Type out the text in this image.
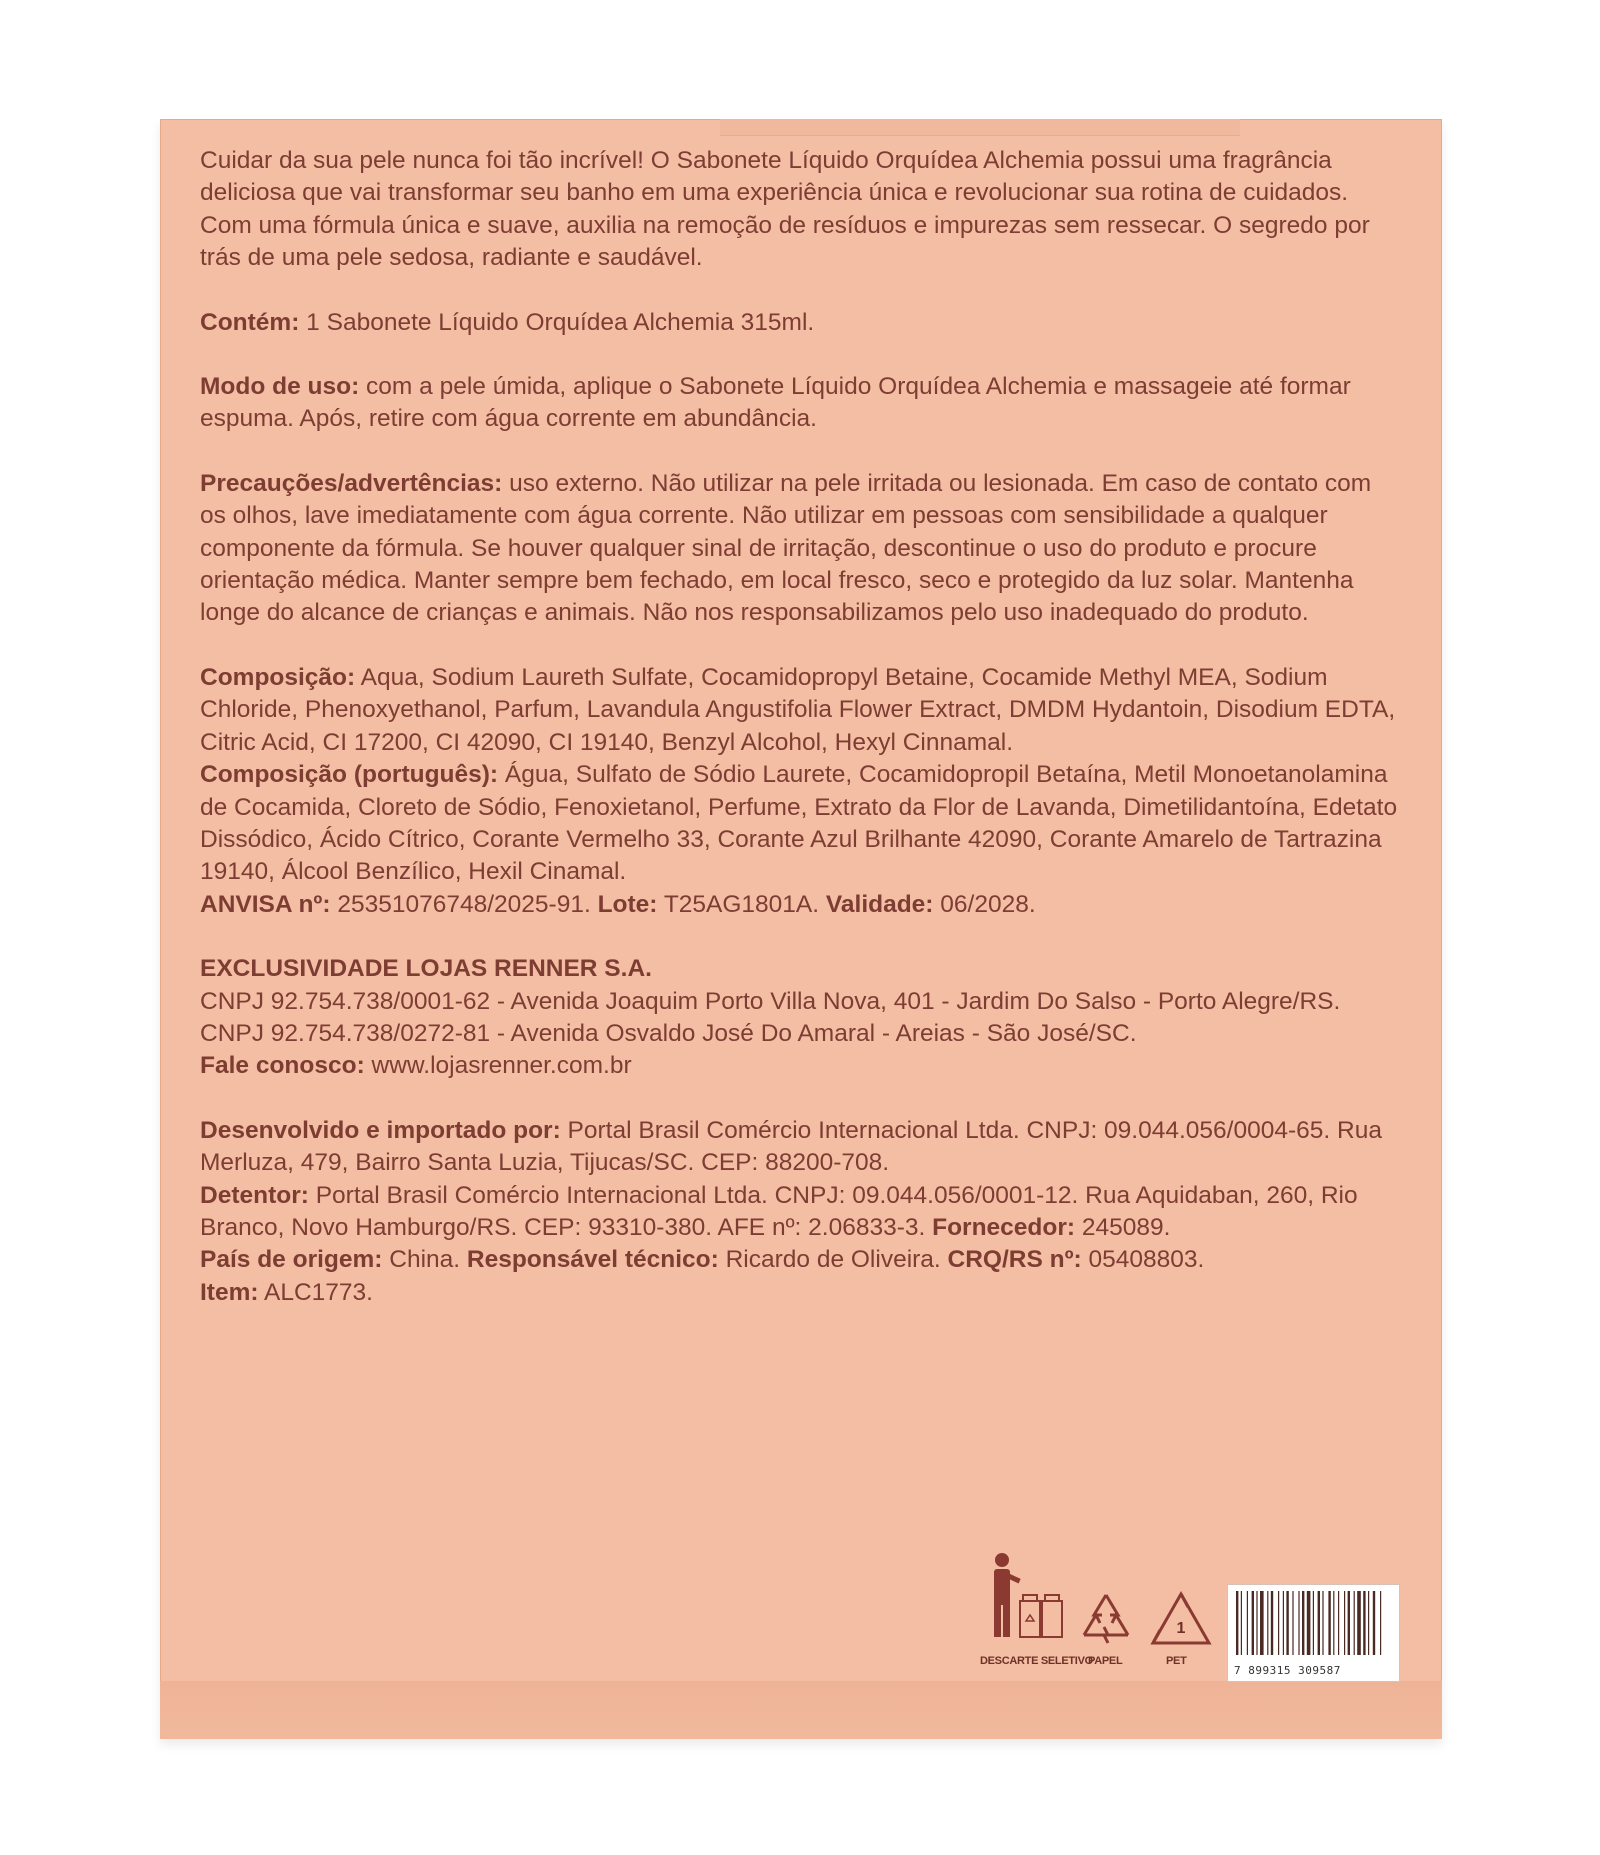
Cuidar da sua pele nunca foi tão incrível! O Sabonete Líquido Orquídea Alchemia possui uma fragrância deliciosa que vai transformar seu banho em uma experiência única e revolucionar sua rotina de cuidados. Com uma fórmula única e suave, auxilia na remoção de resíduos e impurezas sem ressecar. O segredo por trás de uma pele sedosa, radiante e saudável.

Contém: 1 Sabonete Líquido Orquídea Alchemia 315ml.

Modo de uso: com a pele úmida, aplique o Sabonete Líquido Orquídea Alchemia e massageie até formar espuma. Após, retire com água corrente em abundância.

Precauções/advertências: uso externo. Não utilizar na pele irritada ou lesionada. Em caso de contato com os olhos, lave imediatamente com água corrente. Não utilizar em pessoas com sensibilidade a qualquer componente da fórmula. Se houver qualquer sinal de irritação, descontinue o uso do produto e procure orientação médica. Manter sempre bem fechado, em local fresco, seco e protegido da luz solar. Mantenha longe do alcance de crianças e animais. Não nos responsabilizamos pelo uso inadequado do produto.

Composição: Aqua, Sodium Laureth Sulfate, Cocamidopropyl Betaine, Cocamide Methyl MEA, Sodium Chloride, Phenoxyethanol, Parfum, Lavandula Angustifolia Flower Extract, DMDM Hydantoin, Disodium EDTA, Citric Acid, CI 17200, CI 42090, CI 19140, Benzyl Alcohol, Hexyl Cinnamal.

Composição (português): Água, Sulfato de Sódio Laurete, Cocamidopropil Betaína, Metil Monoetanolamina de Cocamida, Cloreto de Sódio, Fenoxietanol, Perfume, Extrato da Flor de Lavanda, Dimetilidantoína, Edetato Dissódico, Ácido Cítrico, Corante Vermelho 33, Corante Azul Brilhante 42090, Corante Amarelo de Tartrazina 19140, Álcool Benzílico, Hexil Cinamal.

ANVISA nº: 25351076748/2025-91. Lote: T25AG1801A. Validade: 06/2028.

EXCLUSIVIDADE LOJAS RENNER S.A.

CNPJ 92.754.738/0001-62 - Avenida Joaquim Porto Villa Nova, 401 - Jardim Do Salso - Porto Alegre/RS. CNPJ 92.754.738/0272-81 - Avenida Osvaldo José Do Amaral - Areias - São José/SC.

Fale conosco: www.lojasrenner.com.br

Desenvolvido e importado por: Portal Brasil Comércio Internacional Ltda. CNPJ: 09.044.056/0004-65. Rua Merluza, 479, Bairro Santa Luzia, Tijucas/SC. CEP: 88200-708.

Detentor: Portal Brasil Comércio Internacional Ltda. CNPJ: 09.044.056/0001-12. Rua Aquidaban, 260, Rio Branco, Novo Hamburgo/RS. CEP: 93310-380. AFE nº: 2.06833-3. Fornecedor: 245089.

País de origem: China. Responsável técnico: Ricardo de Oliveira. CRQ/RS nº: 05408803.

Item: ALC1773.

1
DESCARTE SELETIVO
PAPEL	PET
7 899315 309587
